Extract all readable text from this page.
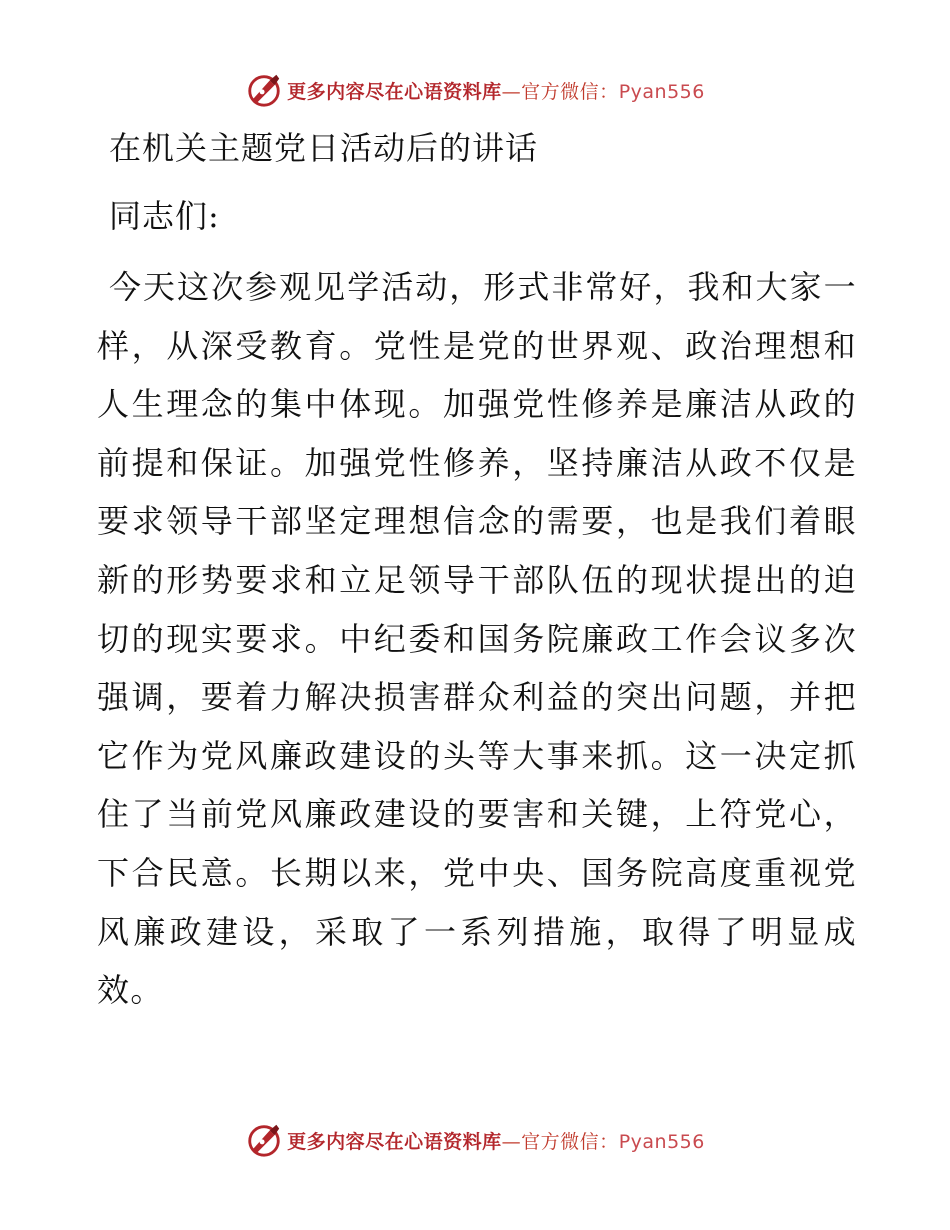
更多内容尽在心语资料库—官方微信：Pyan556
在机关主题党日活动后的讲话

同志们:

今天这次参观见学活动，形式非常好，我和大家一样，从深受教育。党性是党的世界观、政治理想和人生理念的集中体现。加强党性修养是廉洁从政的前提和保证。加强党性修养，坚持廉洁从政不仅是要求领导干部坚定理想信念的需要，也是我们着眼新的形势要求和立足领导干部队伍的现状提出的迫切的现实要求。中纪委和国务院廉政工作会议多次强调，要着力解决损害群众利益的突出问题，并把它作为党风廉政建设的头等大事来抓。这一决定抓住了当前党风廉政建设的要害和关键，上符党心，下合民意。长期以来，党中央、国务院高度重视党风廉政建设，采取了一系列措施，取得了明显成效。

更多内容尽在心语资料库—官方微信：Pyan556
